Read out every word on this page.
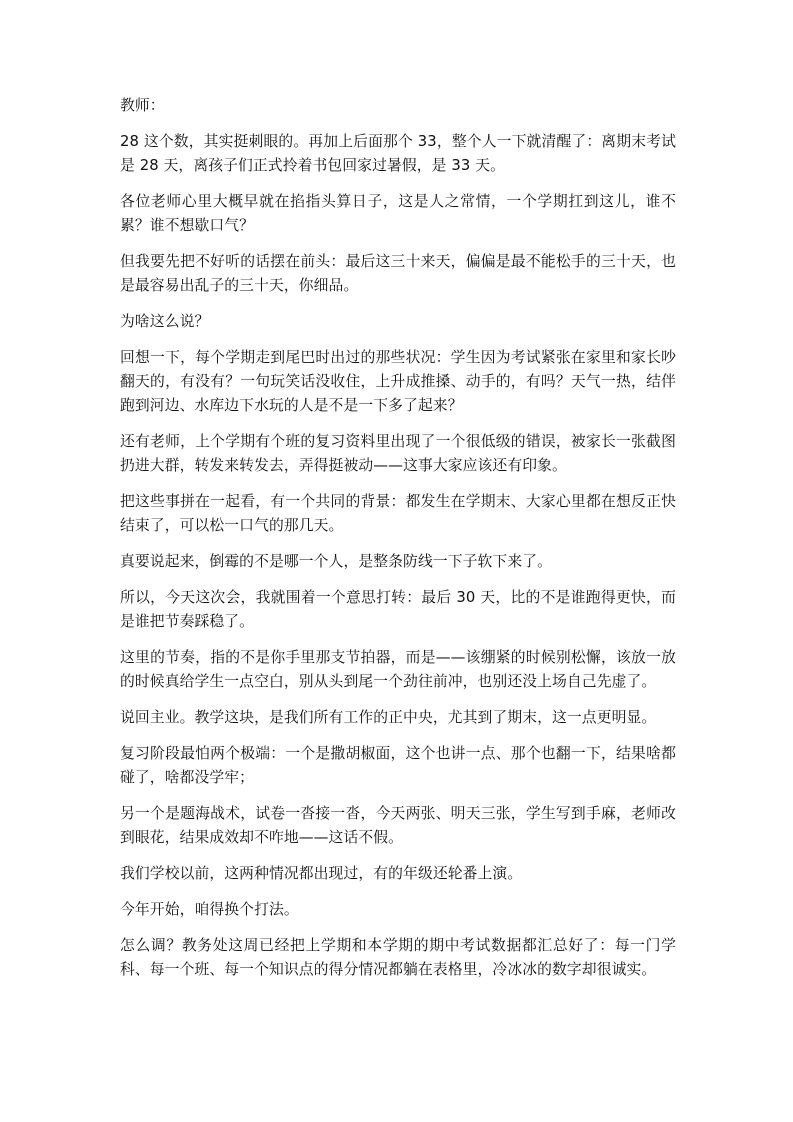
教师：

28 这个数，其实挺刺眼的。再加上后面那个 33，整个人一下就清醒了：离期末考试是 28 天，离孩子们正式拎着书包回家过暑假，是 33 天。

各位老师心里大概早就在掐指头算日子，这是人之常情，一个学期扛到这儿，谁不累？谁不想歇口气？

但我要先把不好听的话摆在前头：最后这三十来天，偏偏是最不能松手的三十天，也是最容易出乱子的三十天，你细品。

为啥这么说？

回想一下，每个学期走到尾巴时出过的那些状况：学生因为考试紧张在家里和家长吵翻天的，有没有？一句玩笑话没收住，上升成推搡、动手的，有吗？天气一热，结伴跑到河边、水库边下水玩的人是不是一下多了起来？

还有老师，上个学期有个班的复习资料里出现了一个很低级的错误，被家长一张截图扔进大群，转发来转发去，弄得挺被动——这事大家应该还有印象。

把这些事拼在一起看，有一个共同的背景：都发生在学期末、大家心里都在想反正快结束了，可以松一口气的那几天。

真要说起来，倒霉的不是哪一个人，是整条防线一下子软下来了。

所以，今天这次会，我就围着一个意思打转：最后 30 天，比的不是谁跑得更快，而是谁把节奏踩稳了。

这里的节奏，指的不是你手里那支节拍器，而是——该绷紧的时候别松懈，该放一放的时候真给学生一点空白，别从头到尾一个劲往前冲，也别还没上场自己先虚了。

说回主业。教学这块，是我们所有工作的正中央，尤其到了期末，这一点更明显。

复习阶段最怕两个极端：一个是撒胡椒面，这个也讲一点、那个也翻一下，结果啥都碰了，啥都没学牢；

另一个是题海战术，试卷一沓接一沓，今天两张、明天三张，学生写到手麻，老师改到眼花，结果成效却不咋地——这话不假。

我们学校以前，这两种情况都出现过，有的年级还轮番上演。

今年开始，咱得换个打法。

怎么调？教务处这周已经把上学期和本学期的期中考试数据都汇总好了：每一门学科、每一个班、每一个知识点的得分情况都躺在表格里，冷冰冰的数字却很诚实。
